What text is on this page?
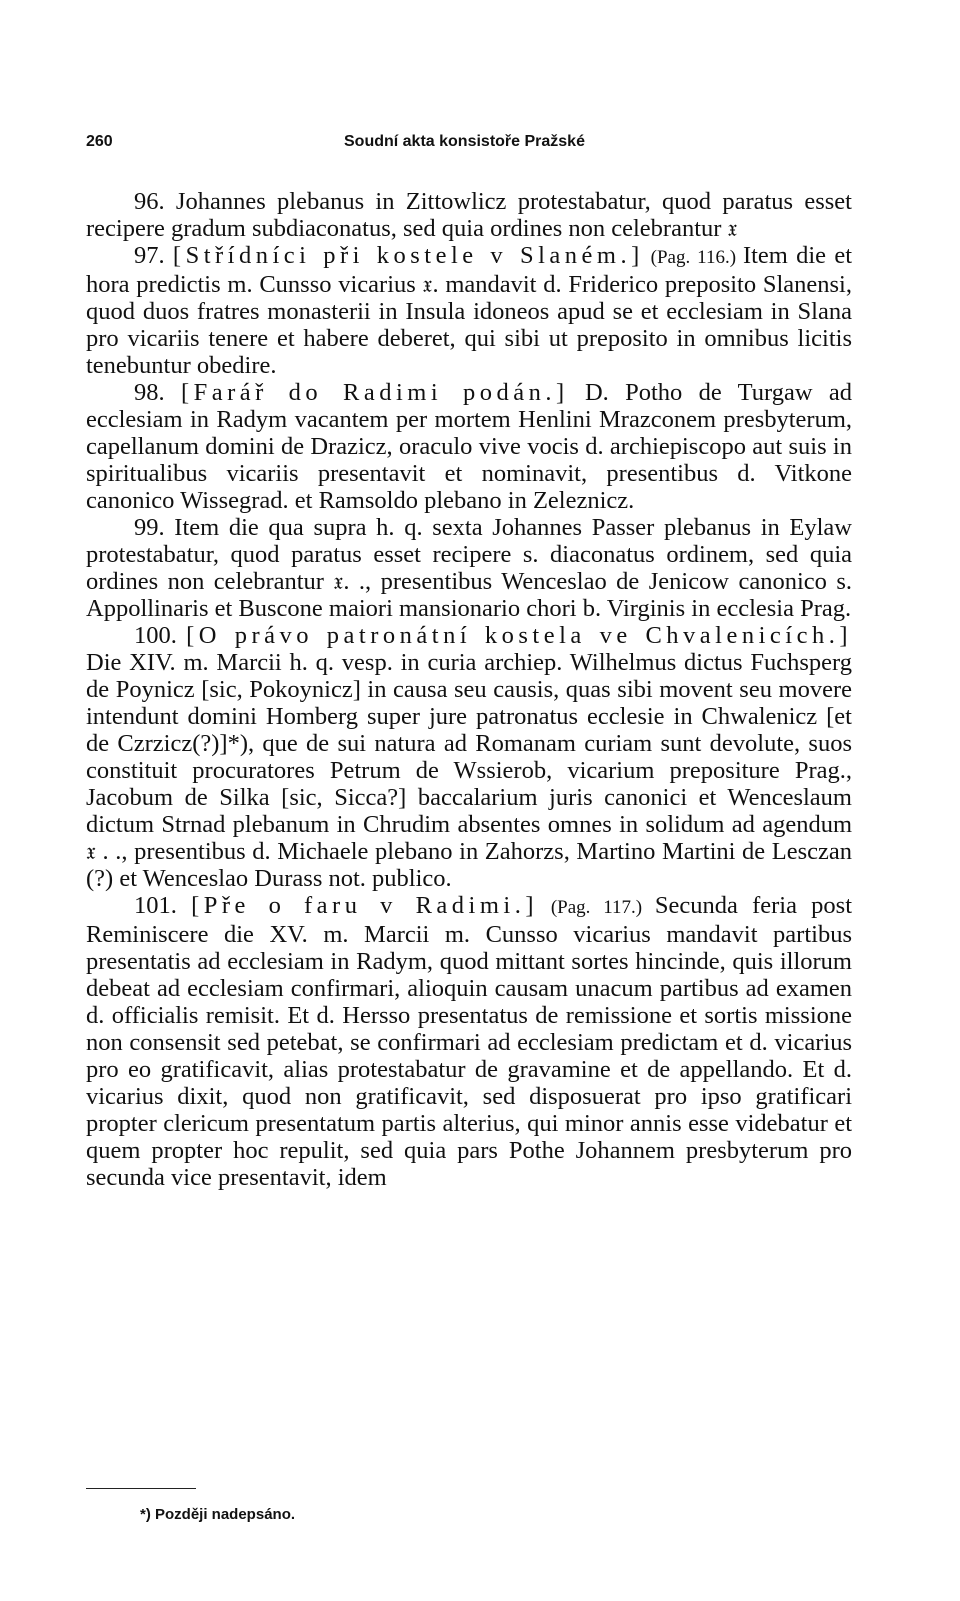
260	Soudní akta konsistoře Pražské

96. Johannes plebanus in Zittowlicz protestabatur, quod paratus esset recipere gradum subdiaconatus, sed quia ordines non celebrantur 𝔵

97. [Střídníci při kostele v Slaném.] (Pag. 116.) Item die et hora predictis m. Cunsso vicarius 𝔵. mandavit d. Friderico preposito Slanensi, quod duos fratres monasterii in Insula idoneos apud se et ecclesiam in Slana pro vicariis tenere et habere deberet, qui sibi ut preposito in omnibus licitis tenebuntur obedire.

98. [Farář do Radimi podán.] D. Potho de Turgaw ad ecclesiam in Radym vacantem per mortem Henlini Mrazconem presbyterum, capellanum domini de Drazicz, oraculo vive vocis d. archiepiscopo aut suis in spiritualibus vicariis presentavit et nominavit, presentibus d. Vitkone canonico Wissegrad. et Ramsoldo plebano in Zeleznicz.

99. Item die qua supra h. q. sexta Johannes Passer plebanus in Eylaw protestabatur, quod paratus esset recipere s. diaconatus ordinem, sed quia ordines non celebrantur 𝔵. ., presentibus Wenceslao de Jenicow canonico s. Appollinaris et Buscone maiori mansionario chori b. Virginis in ecclesia Prag.

100. [O právo patronátní kostela ve Chvalenicích.] Die XIV. m. Marcii h. q. vesp. in curia archiep. Wilhelmus dictus Fuchsperg de Poynicz [sic, Pokoynicz] in causa seu causis, quas sibi movent seu movere intendunt domini Homberg super jure patronatus ecclesie in Chwalenicz [et de Czrzicz(?)]*), que de sui natura ad Romanam curiam sunt devolute, suos constituit procuratores Petrum de Wssierob, vicarium prepositure Prag., Jacobum de Silka [sic, Sicca?] baccalarium juris canonici et Wenceslaum dictum Strnad plebanum in Chrudim absentes omnes in solidum ad agendum 𝔵 . ., presentibus d. Michaele plebano in Zahorzs, Martino Martini de Lesczan (?) et Wenceslao Durass not. publico.

101. [Pře o faru v Radimi.] (Pag. 117.) Secunda feria post Reminiscere die XV. m. Marcii m. Cunsso vicarius mandavit partibus presentatis ad ecclesiam in Radym, quod mittant sortes hincinde, quis illorum debeat ad ecclesiam confirmari, alioquin causam unacum partibus ad examen d. officialis remisit. Et d. Hersso presentatus de remissione et sortis missione non consensit sed petebat, se confirmari ad ecclesiam predictam et d. vicarius pro eo gratificavit, alias protestabatur de gravamine et de appellando. Et d. vicarius dixit, quod non gratificavit, sed disposuerat pro ipso gratificari propter clericum presentatum partis alterius, qui minor annis esse videbatur et quem propter hoc repulit, sed quia pars Pothe Johannem presbyterum pro secunda vice presentavit, idem

*) Později nadepsáno.
